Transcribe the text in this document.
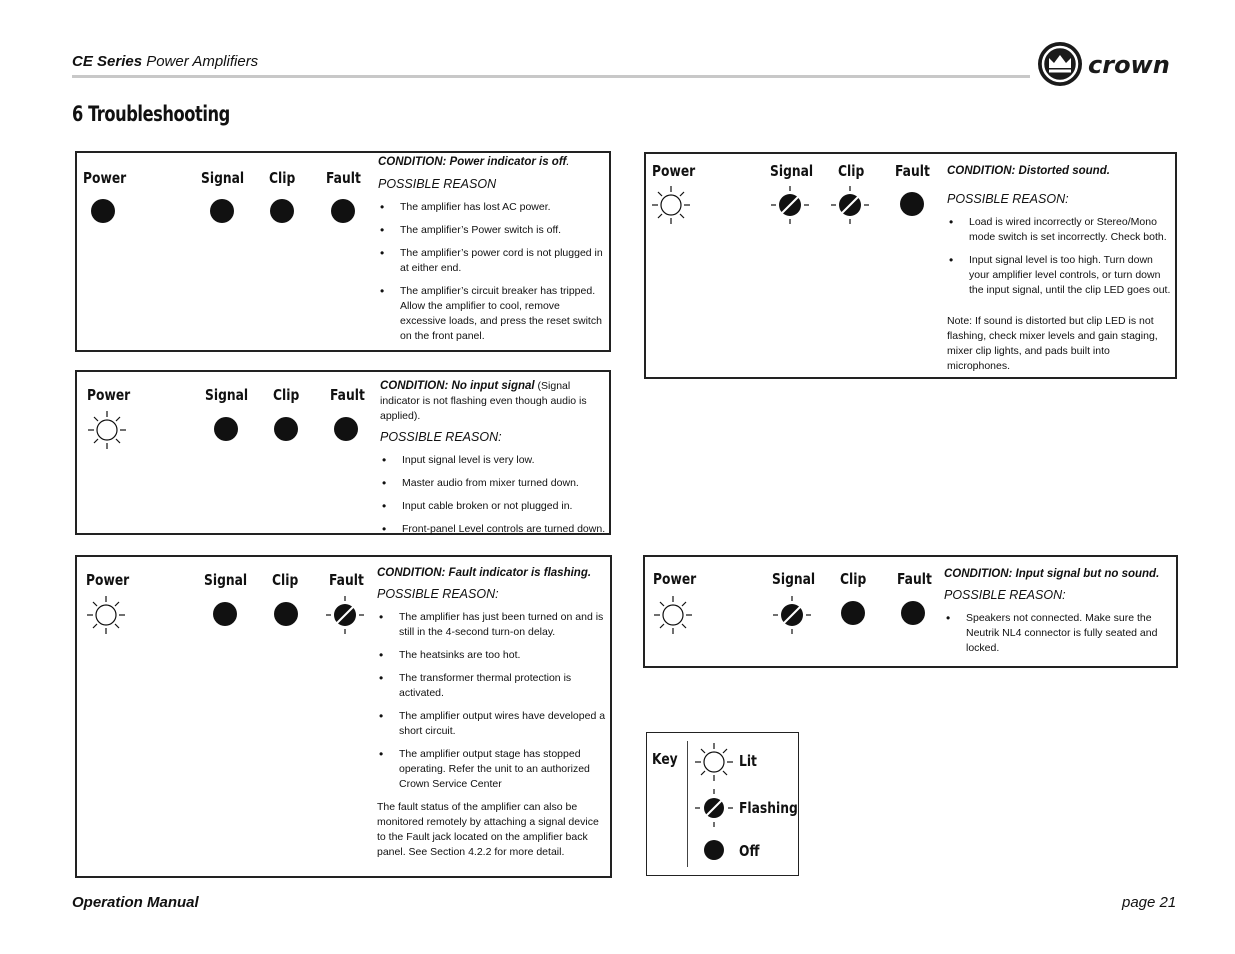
CE Series Power Amplifiers	crown
6 Troubleshooting
Power	Signal Clip Fault
CONDITION: Power indicator is off.
POSSIBLE REASON
• The amplifier has lost AC power.
• The amplifier’s Power switch is off.
• The amplifier’s power cord is not plugged in at either end.
• The amplifier’s circuit breaker has tripped. Allow the amplifier to cool, remove excessive loads, and press the reset switch on the front panel.
Power	Signal Clip Fault CONDITION: No input signal (Signal indicator is not flashing even though audio is applied).
POSSIBLE REASON:
• Input signal level is very low.
• Master audio from mixer turned down.
• Input cable broken or not plugged in.
• Front-panel Level controls are turned down.
Power	Signal Clip Fault CONDITION: Fault indicator is flashing.
POSSIBLE REASON:
• The amplifier has just been turned on and is still in the 4-second turn-on delay.
• The heatsinks are too hot.
• The transformer thermal protection is activated.
• The amplifier output wires have developed a short circuit.
• The amplifier output stage has stopped operating. Refer the unit to an authorized Crown Service Center
The fault status of the amplifier can also be monitored remotely by attaching a signal device to the Fault jack located on the amplifier back panel. See Section 4.2.2 for more detail.
Power	Signal Clip Fault CONDITION: Distorted sound.
POSSIBLE REASON:
• Load is wired incorrectly or Stereo/Mono mode switch is set incorrectly. Check both.
• Input signal level is too high. Turn down your amplifier level controls, or turn down the input signal, until the clip LED goes out.
Note: If sound is distorted but clip LED is not flashing, check mixer levels and gain staging, mixer clip lights, and pads built into microphones.
Power	Signal Clip Fault CONDITION: Input signal but no sound.
POSSIBLE REASON:
• Speakers not connected. Make sure the Neutrik NL4 connector is fully seated and locked.
Key	Lit
Flashing
Off
Operation Manual	page 21
